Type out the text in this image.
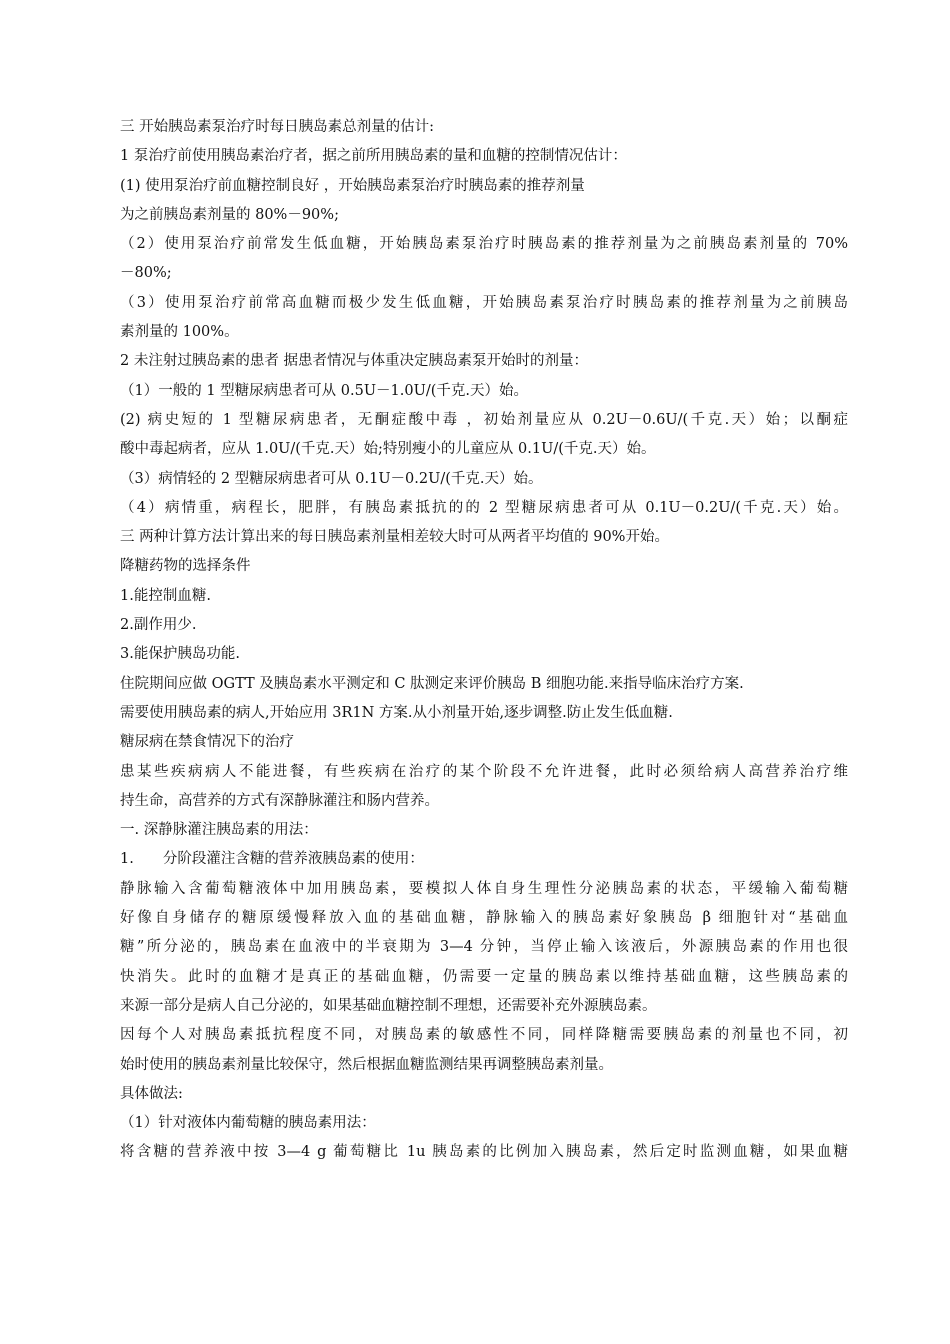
三 开始胰岛素泵治疗时每日胰岛素总剂量的估计:
1 泵治疗前使用胰岛素治疗者，据之前所用胰岛素的量和血糖的控制情况估计：
(1) 使用泵治疗前血糖控制良好 ，开始胰岛素泵治疗时胰岛素的推荐剂量
为之前胰岛素剂量的 80%－90%;
（2）使用泵治疗前常发生低血糖，开始胰岛素泵治疗时胰岛素的推荐剂量为之前胰岛素剂量的 70%
－80%;
（3）使用泵治疗前常高血糖而极少发生低血糖，开始胰岛素泵治疗时胰岛素的推荐剂量为之前胰岛
素剂量的 100%。
2 未注射过胰岛素的患者 据患者情况与体重决定胰岛素泵开始时的剂量：
（1）一般的 1 型糖尿病患者可从 0.5U－1.0U/(千克.天）始。
(2) 病史短的 1 型糖尿病患者，无酮症酸中毒 ，初始剂量应从 0.2U－0.6U/(千克.天）始；以酮症
酸中毒起病者，应从 1.0U/(千克.天）始;特别瘦小的儿童应从 0.1U/(千克.天）始。
（3）病情轻的 2 型糖尿病患者可从 0.1U－0.2U/(千克.天）始。
（4）病情重，病程长，肥胖，有胰岛素抵抗的的 2 型糖尿病患者可从 0.1U－0.2U/(千克.天）始。
三 两种计算方法计算出来的每日胰岛素剂量相差较大时可从两者平均值的 90%开始。
降糖药物的选择条件
1.能控制血糖.
2.副作用少.
3.能保护胰岛功能.
住院期间应做 OGTT 及胰岛素水平测定和 C 肽测定来评价胰岛 B 细胞功能.来指导临床治疗方案.
需要使用胰岛素的病人,开始应用 3R1N 方案.从小剂量开始,逐步调整.防止发生低血糖.
糖尿病在禁食情况下的治疗
患某些疾病病人不能进餐，有些疾病在治疗的某个阶段不允许进餐，此时必须给病人高营养治疗维
持生命，高营养的方式有深静脉灌注和肠内营养。
一. 深静脉灌注胰岛素的用法：
1.　　分阶段灌注含糖的营养液胰岛素的使用：
静脉输入含葡萄糖液体中加用胰岛素，要模拟人体自身生理性分泌胰岛素的状态，平缓输入葡萄糖
好像自身储存的糖原缓慢释放入血的基础血糖，静脉输入的胰岛素好象胰岛 β 细胞针对“基础血
糖”所分泌的，胰岛素在血液中的半衰期为 3—4 分钟，当停止输入该液后，外源胰岛素的作用也很
快消失。此时的血糖才是真正的基础血糖，仍需要一定量的胰岛素以维持基础血糖，这些胰岛素的
来源一部分是病人自己分泌的，如果基础血糖控制不理想，还需要补充外源胰岛素。
因每个人对胰岛素抵抗程度不同，对胰岛素的敏感性不同，同样降糖需要胰岛素的剂量也不同，初
始时使用的胰岛素剂量比较保守，然后根据血糖监测结果再调整胰岛素剂量。
具体做法:
（1）针对液体内葡萄糖的胰岛素用法：
将含糖的营养液中按 3—4 g 葡萄糖比 1u 胰岛素的比例加入胰岛素，然后定时监测血糖，如果血糖
